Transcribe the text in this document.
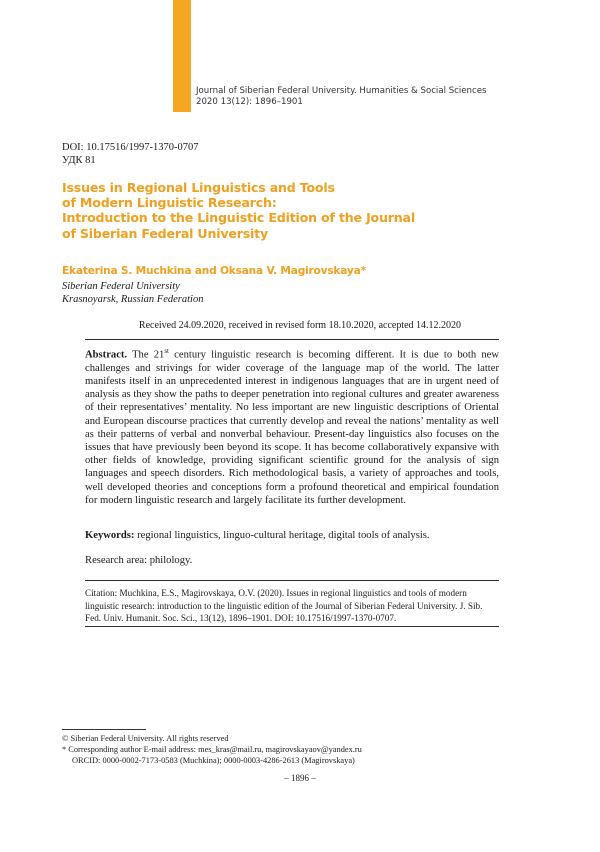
Journal of Siberian Federal University. Humanities & Social Sciences
2020 13(12): 1896–1901
DOI: 10.17516/1997-1370-0707
УДК 81
Issues in Regional Linguistics and Tools
of Modern Linguistic Research:
Introduction to the Linguistic Edition of the Journal
of Siberian Federal University
Ekaterina S. Muchkina and Oksana V. Magirovskaya*
Siberian Federal University
Krasnoyarsk, Russian Federation
Received 24.09.2020, received in revised form 18.10.2020, accepted 14.12.2020
Abstract. The 21st century linguistic research is becoming different. It is due to both new challenges and strivings for wider coverage of the language map of the world. The latter manifests itself in an unprecedented interest in indigenous languages that are in urgent need of analysis as they show the paths to deeper penetration into regional cultures and greater awareness of their representatives’ mentality. No less important are new linguistic descriptions of Oriental and European discourse practices that currently develop and reveal the nations’ mentality as well as their patterns of verbal and nonverbal behaviour. Present-day linguistics also focuses on the issues that have previously been beyond its scope. It has become collaboratively expansive with other fields of knowledge, providing significant scientific ground for the analysis of sign languages and speech disorders. Rich methodological basis, a variety of approaches and tools, well developed theories and conceptions form a profound theoretical and empirical foundation for modern linguistic research and largely facilitate its further development.
Keywords: regional linguistics, linguo-cultural heritage, digital tools of analysis.
Research area: philology.
Citation: Muchkina, E.S., Magirovskaya, O.V. (2020). Issues in regional linguistics and tools of modern linguistic research: introduction to the linguistic edition of the Journal of Siberian Federal University. J. Sib. Fed. Univ. Humanit. Soc. Sci., 13(12), 1896–1901. DOI: 10.17516/1997-1370-0707.
© Siberian Federal University. All rights reserved
* Corresponding author E-mail address: mes_kras@mail.ru, magirovskayaov@yandex.ru
ORCID: 0000-0002-7173-0583 (Muchkina); 0000-0003-4286-2613 (Magirovskaya)
– 1896 –
